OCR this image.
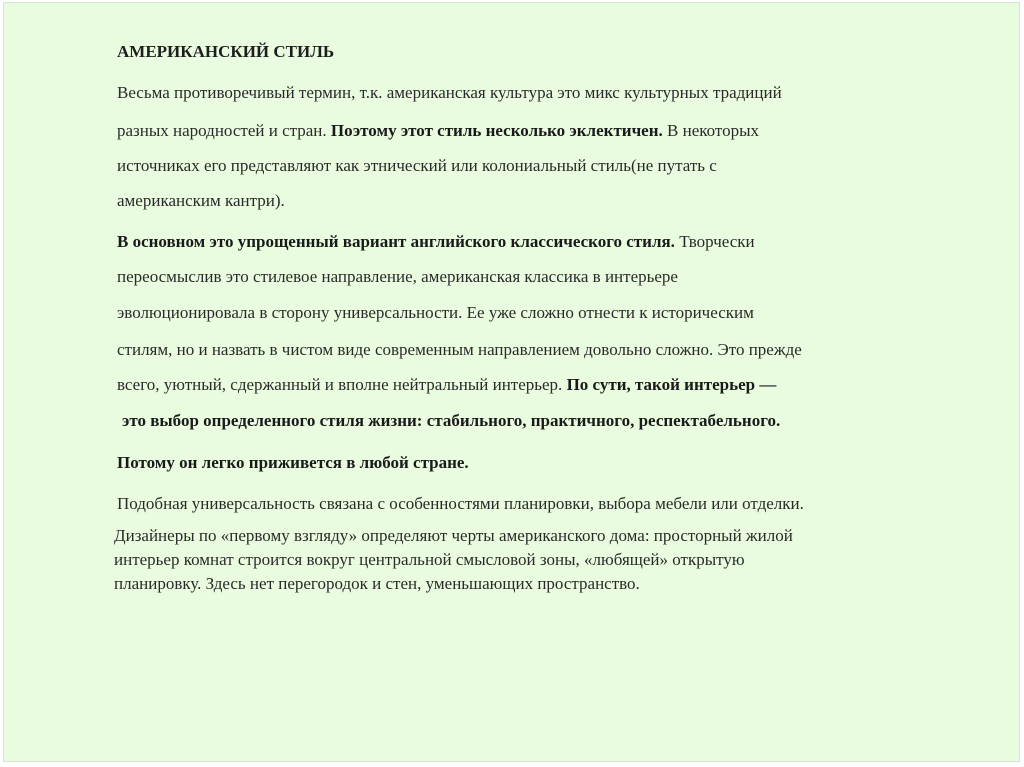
АМЕРИКАНСКИЙ СТИЛЬ

Весьма противоречивый термин, т.к. американская культура это микс культурных традиций

разных народностей и стран. Поэтому этот стиль несколько эклектичен. В некоторых

источниках его представляют как этнический или колониальный стиль(не путать с

американским кантри).

В основном это упрощенный вариант английского классического стиля. Творчески

переосмыслив это стилевое направление, американская классика в интерьере

эволюционировала в сторону универсальности. Ее уже сложно отнести к историческим

стилям, но и назвать в чистом виде современным направлением довольно сложно. Это прежде

всего, уютный, сдержанный и вполне нейтральный интерьер. По сути, такой интерьер —

это выбор определенного стиля жизни: стабильного, практичного, респектабельного.

Потому он легко приживется в любой стране.

Подобная универсальность связана с особенностями планировки, выбора мебели или отделки.

Дизайнеры по «первому взгляду» определяют черты американского дома: просторный жилой

интерьер комнат строится вокруг центральной смысловой зоны, «любящей» открытую

планировку. Здесь нет перегородок и стен, уменьшающих пространство.
